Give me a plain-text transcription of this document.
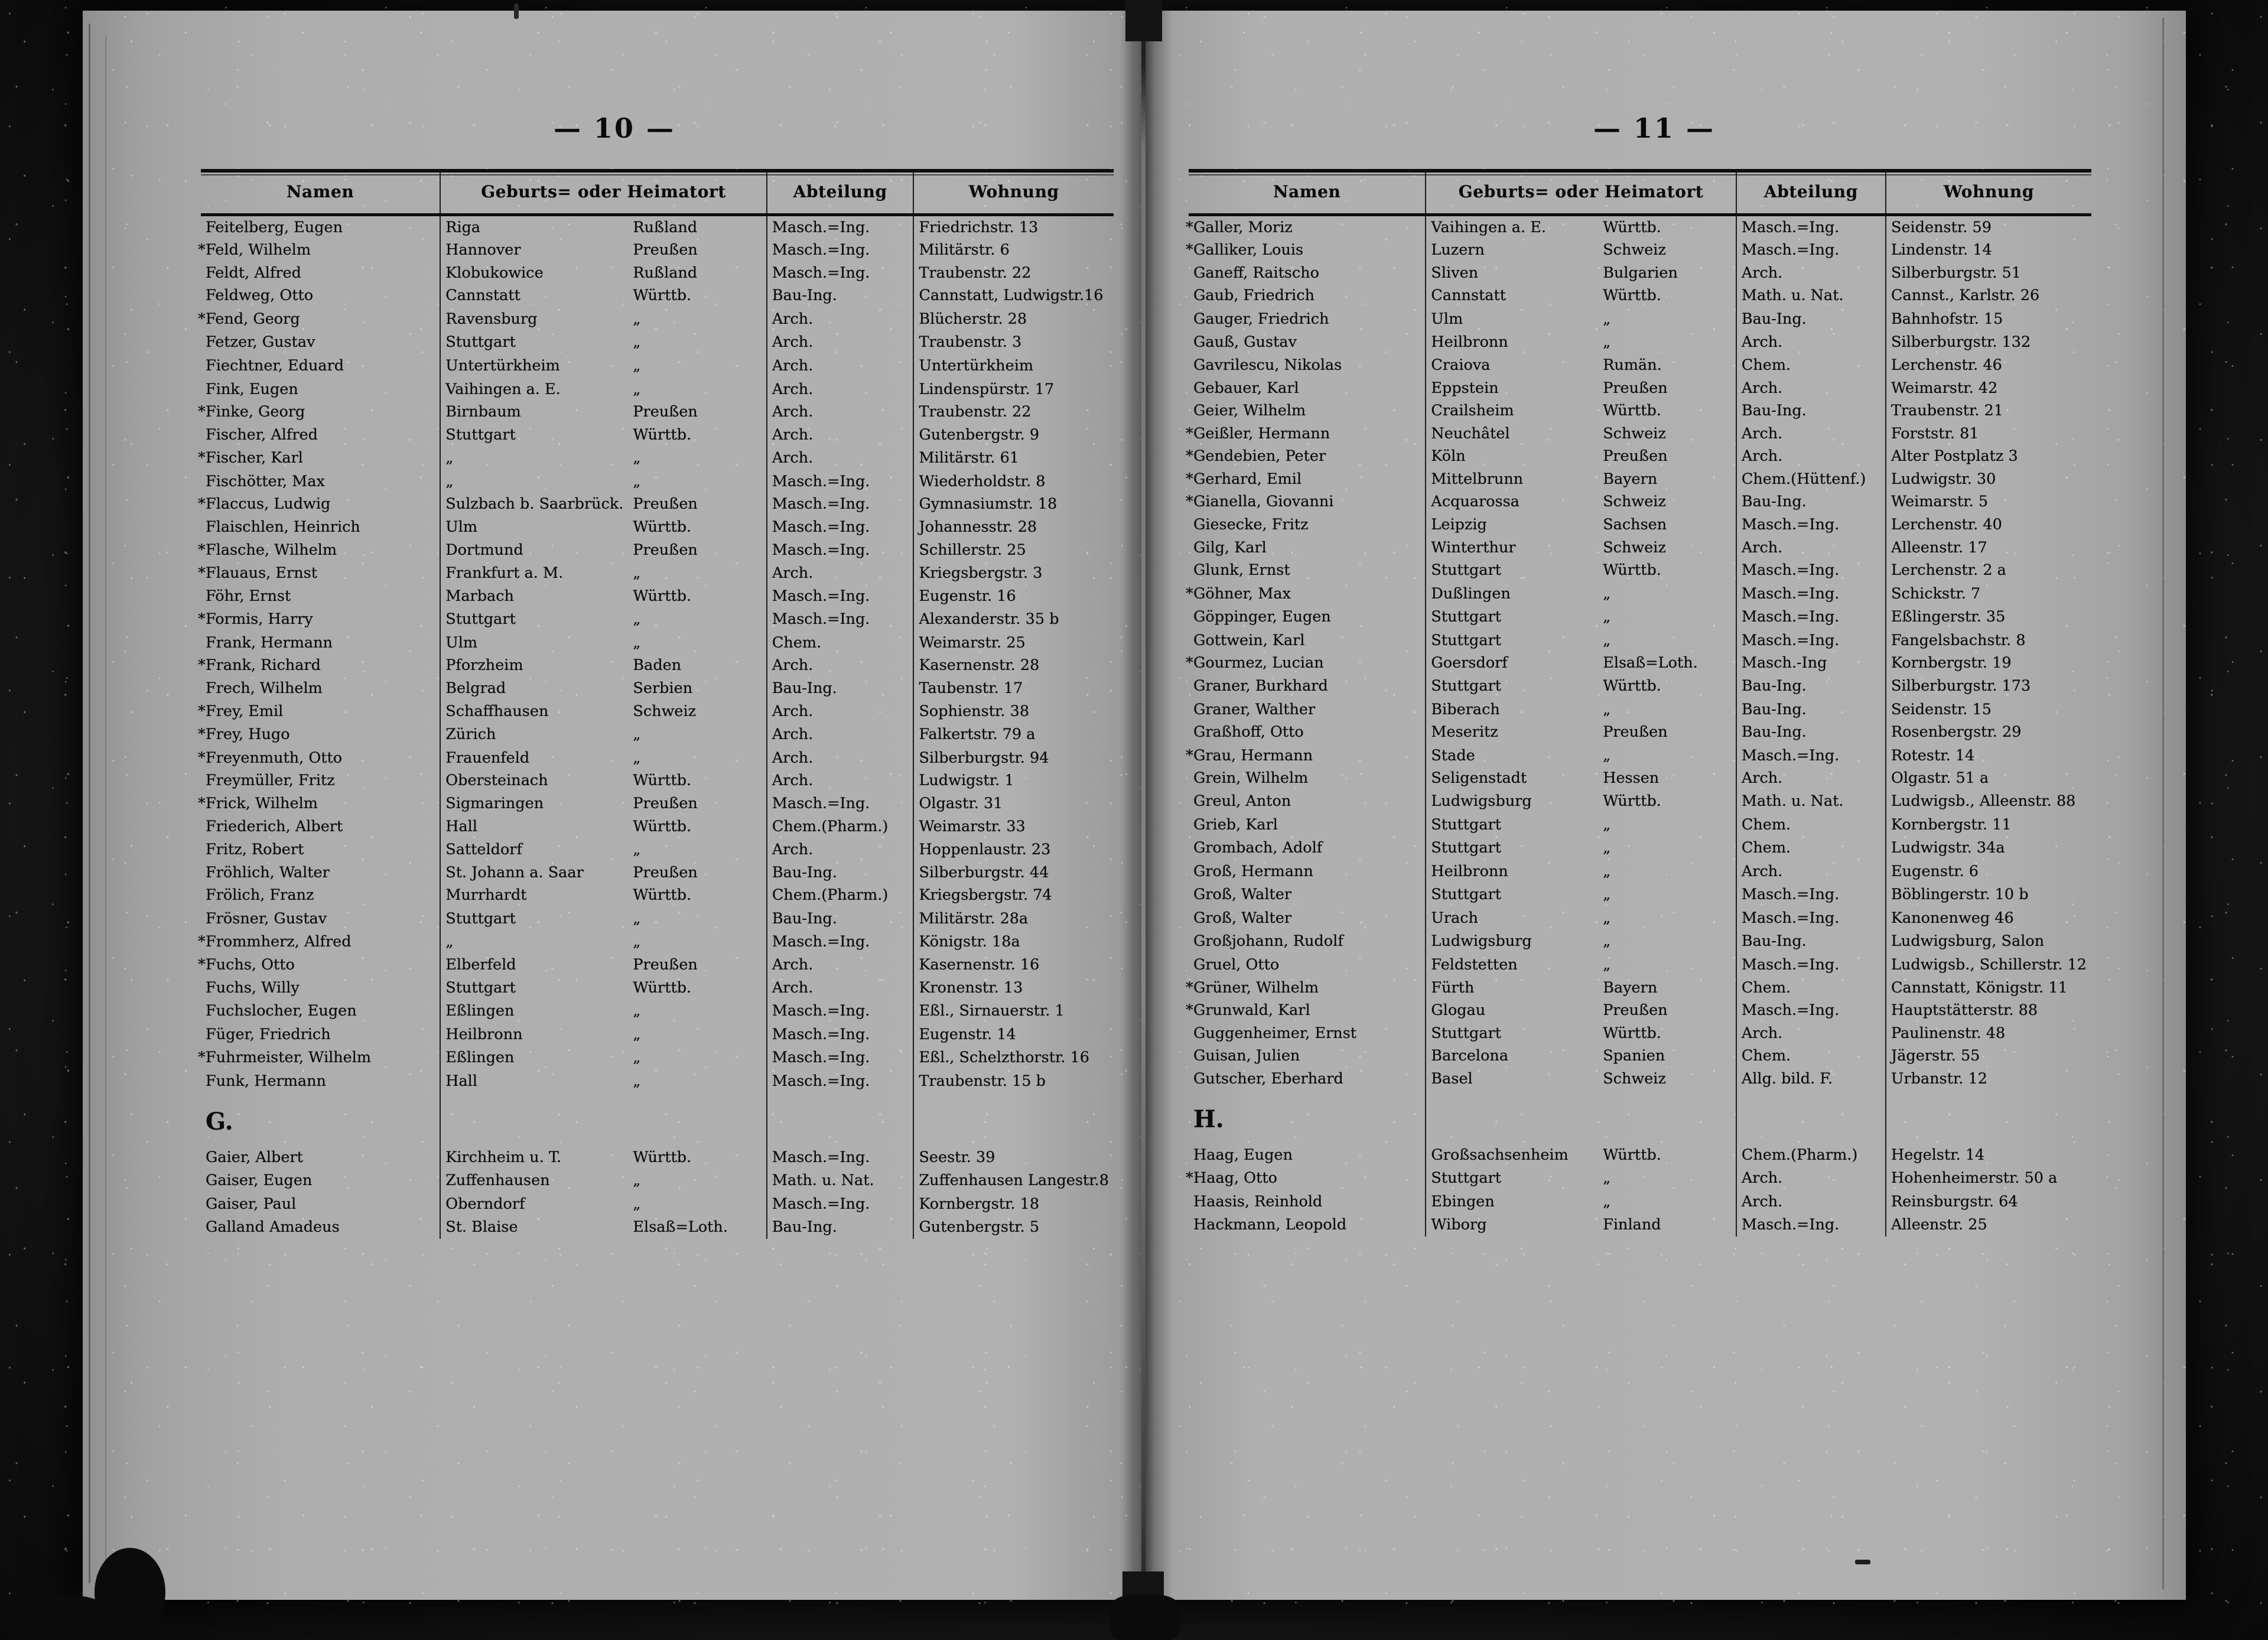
— 10 —
Namen	Geburts= oder Heimatort		Abteilung	Wohnung
Feitelberg, Eugen	Riga	Rußland	Masch.=Ing.	Friedrichstr. 13
*Feld, Wilhelm	Hannover	Preußen	Masch.=Ing.	Militärstr. 6
Feldt, Alfred	Klobukowice	Rußland	Masch.=Ing.	Traubenstr. 22
Feldweg, Otto	Cannstatt	Württb.	Bau-Ing.	Cannstatt, Ludwigstr.16
*Fend, Georg	Ravensburg	„	Arch.	Blücherstr. 28
Fetzer, Gustav	Stuttgart	„	Arch.	Traubenstr. 3
Fiechtner, Eduard	Untertürkheim	„	Arch.	Untertürkheim
Fink, Eugen	Vaihingen a. E.	„	Arch.	Lindenspürstr. 17
*Finke, Georg	Birnbaum	Preußen	Arch.	Traubenstr. 22
Fischer, Alfred	Stuttgart	Württb.	Arch.	Gutenbergstr. 9
*Fischer, Karl	„	„	Arch.	Militärstr. 61
Fischötter, Max	„	„	Masch.=Ing.	Wiederholdstr. 8
*Flaccus, Ludwig	Sulzbach b. Saarbrück.	Preußen	Masch.=Ing.	Gymnasiumstr. 18
Flaischlen, Heinrich	Ulm	Württb.	Masch.=Ing.	Johannesstr. 28
*Flasche, Wilhelm	Dortmund	Preußen	Masch.=Ing.	Schillerstr. 25
*Flauaus, Ernst	Frankfurt a. M.	„	Arch.	Kriegsbergstr. 3
Föhr, Ernst	Marbach	Württb.	Masch.=Ing.	Eugenstr. 16
*Formis, Harry	Stuttgart	„	Masch.=Ing.	Alexanderstr. 35 b
Frank, Hermann	Ulm	„	Chem.	Weimarstr. 25
*Frank, Richard	Pforzheim	Baden	Arch.	Kasernenstr. 28
Frech, Wilhelm	Belgrad	Serbien	Bau-Ing.	Taubenstr. 17
*Frey, Emil	Schaffhausen	Schweiz	Arch.	Sophienstr. 38
*Frey, Hugo	Zürich	„	Arch.	Falkertstr. 79 a
*Freyenmuth, Otto	Frauenfeld	„	Arch.	Silberburgstr. 94
Freymüller, Fritz	Obersteinach	Württb.	Arch.	Ludwigstr. 1
*Frick, Wilhelm	Sigmaringen	Preußen	Masch.=Ing.	Olgastr. 31
Friederich, Albert	Hall	Württb.	Chem.(Pharm.)	Weimarstr. 33
Fritz, Robert	Satteldorf	„	Arch.	Hoppenlaustr. 23
Fröhlich, Walter	St. Johann a. Saar	Preußen	Bau-Ing.	Silberburgstr. 44
Frölich, Franz	Murrhardt	Württb.	Chem.(Pharm.)	Kriegsbergstr. 74
Frösner, Gustav	Stuttgart	„	Bau-Ing.	Militärstr. 28a
*Frommherz, Alfred	„	„	Masch.=Ing.	Königstr. 18a
*Fuchs, Otto	Elberfeld	Preußen	Arch.	Kasernenstr. 16
Fuchs, Willy	Stuttgart	Württb.	Arch.	Kronenstr. 13
Fuchslocher, Eugen	Eßlingen	„	Masch.=Ing.	Eßl., Sirnauerstr. 1
Füger, Friedrich	Heilbronn	„	Masch.=Ing.	Eugenstr. 14
*Fuhrmeister, Wilhelm	Eßlingen	„	Masch.=Ing.	Eßl., Schelzthorstr. 16
Funk, Hermann	Hall	„	Masch.=Ing.	Traubenstr. 15 b
G.				
Gaier, Albert	Kirchheim u. T.	Württb.	Masch.=Ing.	Seestr. 39
Gaiser, Eugen	Zuffenhausen	„	Math. u. Nat.	Zuffenhausen Langestr.8
Gaiser, Paul	Oberndorf	„	Masch.=Ing.	Kornbergstr. 18
Galland Amadeus	St. Blaise	Elsaß=Loth.	Bau-Ing.	Gutenbergstr. 5
— 11 —
Namen	Geburts= oder Heimatort		Abteilung	Wohnung
*Galler, Moriz	Vaihingen a. E.	Württb.	Masch.=Ing.	Seidenstr. 59
*Galliker, Louis	Luzern	Schweiz	Masch.=Ing.	Lindenstr. 14
Ganeff, Raitscho	Sliven	Bulgarien	Arch.	Silberburgstr. 51
Gaub, Friedrich	Cannstatt	Württb.	Math. u. Nat.	Cannst., Karlstr. 26
Gauger, Friedrich	Ulm	„	Bau-Ing.	Bahnhofstr. 15
Gauß, Gustav	Heilbronn	„	Arch.	Silberburgstr. 132
Gavrilescu, Nikolas	Craiova	Rumän.	Chem.	Lerchenstr. 46
Gebauer, Karl	Eppstein	Preußen	Arch.	Weimarstr. 42
Geier, Wilhelm	Crailsheim	Württb.	Bau-Ing.	Traubenstr. 21
*Geißler, Hermann	Neuchâtel	Schweiz	Arch.	Forststr. 81
*Gendebien, Peter	Köln	Preußen	Arch.	Alter Postplatz 3
*Gerhard, Emil	Mittelbrunn	Bayern	Chem.(Hüttenf.)	Ludwigstr. 30
*Gianella, Giovanni	Acquarossa	Schweiz	Bau-Ing.	Weimarstr. 5
Giesecke, Fritz	Leipzig	Sachsen	Masch.=Ing.	Lerchenstr. 40
Gilg, Karl	Winterthur	Schweiz	Arch.	Alleenstr. 17
Glunk, Ernst	Stuttgart	Württb.	Masch.=Ing.	Lerchenstr. 2 a
*Göhner, Max	Dußlingen	„	Masch.=Ing.	Schickstr. 7
Göppinger, Eugen	Stuttgart	„	Masch.=Ing.	Eßlingerstr. 35
Gottwein, Karl	Stuttgart	„	Masch.=Ing.	Fangelsbachstr. 8
*Gourmez, Lucian	Goersdorf	Elsaß=Loth.	Masch.-Ing	Kornbergstr. 19
Graner, Burkhard	Stuttgart	Württb.	Bau-Ing.	Silberburgstr. 173
Graner, Walther	Biberach	„	Bau-Ing.	Seidenstr. 15
Graßhoff, Otto	Meseritz	Preußen	Bau-Ing.	Rosenbergstr. 29
*Grau, Hermann	Stade	„	Masch.=Ing.	Rotestr. 14
Grein, Wilhelm	Seligenstadt	Hessen	Arch.	Olgastr. 51 a
Greul, Anton	Ludwigsburg	Württb.	Math. u. Nat.	Ludwigsb., Alleenstr. 88
Grieb, Karl	Stuttgart	„	Chem.	Kornbergstr. 11
Grombach, Adolf	Stuttgart	„	Chem.	Ludwigstr. 34a
Groß, Hermann	Heilbronn	„	Arch.	Eugenstr. 6
Groß, Walter	Stuttgart	„	Masch.=Ing.	Böblingerstr. 10 b
Groß, Walter	Urach	„	Masch.=Ing.	Kanonenweg 46
Großjohann, Rudolf	Ludwigsburg	„	Bau-Ing.	Ludwigsburg, Salon
Gruel, Otto	Feldstetten	„	Masch.=Ing.	Ludwigsb., Schillerstr. 12
*Grüner, Wilhelm	Fürth	Bayern	Chem.	Cannstatt, Königstr. 11
*Grunwald, Karl	Glogau	Preußen	Masch.=Ing.	Hauptstätterstr. 88
Guggenheimer, Ernst	Stuttgart	Württb.	Arch.	Paulinenstr. 48
Guisan, Julien	Barcelona	Spanien	Chem.	Jägerstr. 55
Gutscher, Eberhard	Basel	Schweiz	Allg. bild. F.	Urbanstr. 12
H.				
Haag, Eugen	Großsachsenheim	Württb.	Chem.(Pharm.)	Hegelstr. 14
*Haag, Otto	Stuttgart	„	Arch.	Hohenheimerstr. 50 a
Haasis, Reinhold	Ebingen	„	Arch.	Reinsburgstr. 64
Hackmann, Leopold	Wiborg	Finland	Masch.=Ing.	Alleenstr. 25
